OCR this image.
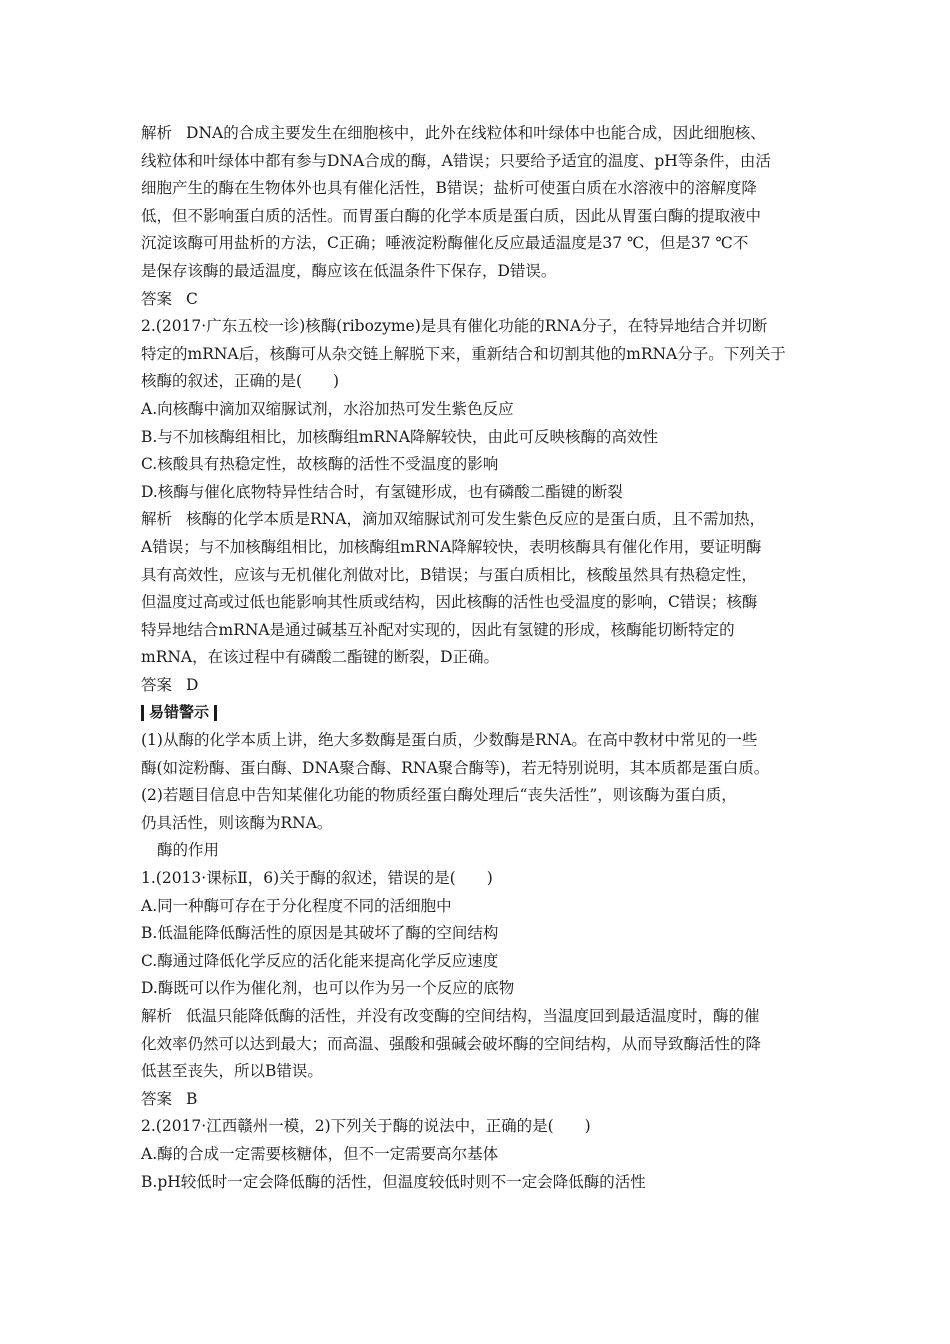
解析 DNA的合成主要发生在细胞核中，此外在线粒体和叶绿体中也能合成，因此细胞核、
线粒体和叶绿体中都有参与DNA合成的酶，A错误；只要给予适宜的温度、pH等条件，由活
细胞产生的酶在生物体外也具有催化活性，B错误；盐析可使蛋白质在水溶液中的溶解度降
低，但不影响蛋白质的活性。而胃蛋白酶的化学本质是蛋白质，因此从胃蛋白酶的提取液中
沉淀该酶可用盐析的方法，C正确；唾液淀粉酶催化反应最适温度是37 ℃，但是37 ℃不
是保存该酶的最适温度，酶应该在低温条件下保存，D错误。
答案 C
2.(2017·广东五校一诊)核酶(ribozyme)是具有催化功能的RNA分子，在特异地结合并切断
特定的mRNA后，核酶可从杂交链上解脱下来，重新结合和切割其他的mRNA分子。下列关于
核酶的叙述，正确的是(　　)
A.向核酶中滴加双缩脲试剂，水浴加热可发生紫色反应
B.与不加核酶组相比，加核酶组mRNA降解较快，由此可反映核酶的高效性
C.核酸具有热稳定性，故核酶的活性不受温度的影响
D.核酶与催化底物特异性结合时，有氢键形成，也有磷酸二酯键的断裂
解析 核酶的化学本质是RNA，滴加双缩脲试剂可发生紫色反应的是蛋白质，且不需加热，
A错误；与不加核酶组相比，加核酶组mRNA降解较快，表明核酶具有催化作用，要证明酶
具有高效性，应该与无机催化剂做对比，B错误；与蛋白质相比，核酸虽然具有热稳定性，
但温度过高或过低也能影响其性质或结构，因此核酶的活性也受温度的影响，C错误；核酶
特异地结合mRNA是通过碱基互补配对实现的，因此有氢键的形成，核酶能切断特定的
mRNA，在该过程中有磷酸二酯键的断裂，D正确。
答案 D
易错警示
(1)从酶的化学本质上讲，绝大多数酶是蛋白质，少数酶是RNA。在高中教材中常见的一些
酶(如淀粉酶、蛋白酶、DNA聚合酶、RNA聚合酶等)，若无特别说明，其本质都是蛋白质。
(2)若题目信息中告知某催化功能的物质经蛋白酶处理后“丧失活性”，则该酶为蛋白质，
仍具活性，则该酶为RNA。
酶的作用
1.(2013·课标Ⅱ，6)关于酶的叙述，错误的是(　　)
A.同一种酶可存在于分化程度不同的活细胞中
B.低温能降低酶活性的原因是其破坏了酶的空间结构
C.酶通过降低化学反应的活化能来提高化学反应速度
D.酶既可以作为催化剂，也可以作为另一个反应的底物
解析 低温只能降低酶的活性，并没有改变酶的空间结构，当温度回到最适温度时，酶的催
化效率仍然可以达到最大；而高温、强酸和强碱会破坏酶的空间结构，从而导致酶活性的降
低甚至丧失，所以B错误。
答案 B
2.(2017·江西赣州一模，2)下列关于酶的说法中，正确的是(　　)
A.酶的合成一定需要核糖体，但不一定需要高尔基体
B.pH较低时一定会降低酶的活性，但温度较低时则不一定会降低酶的活性
